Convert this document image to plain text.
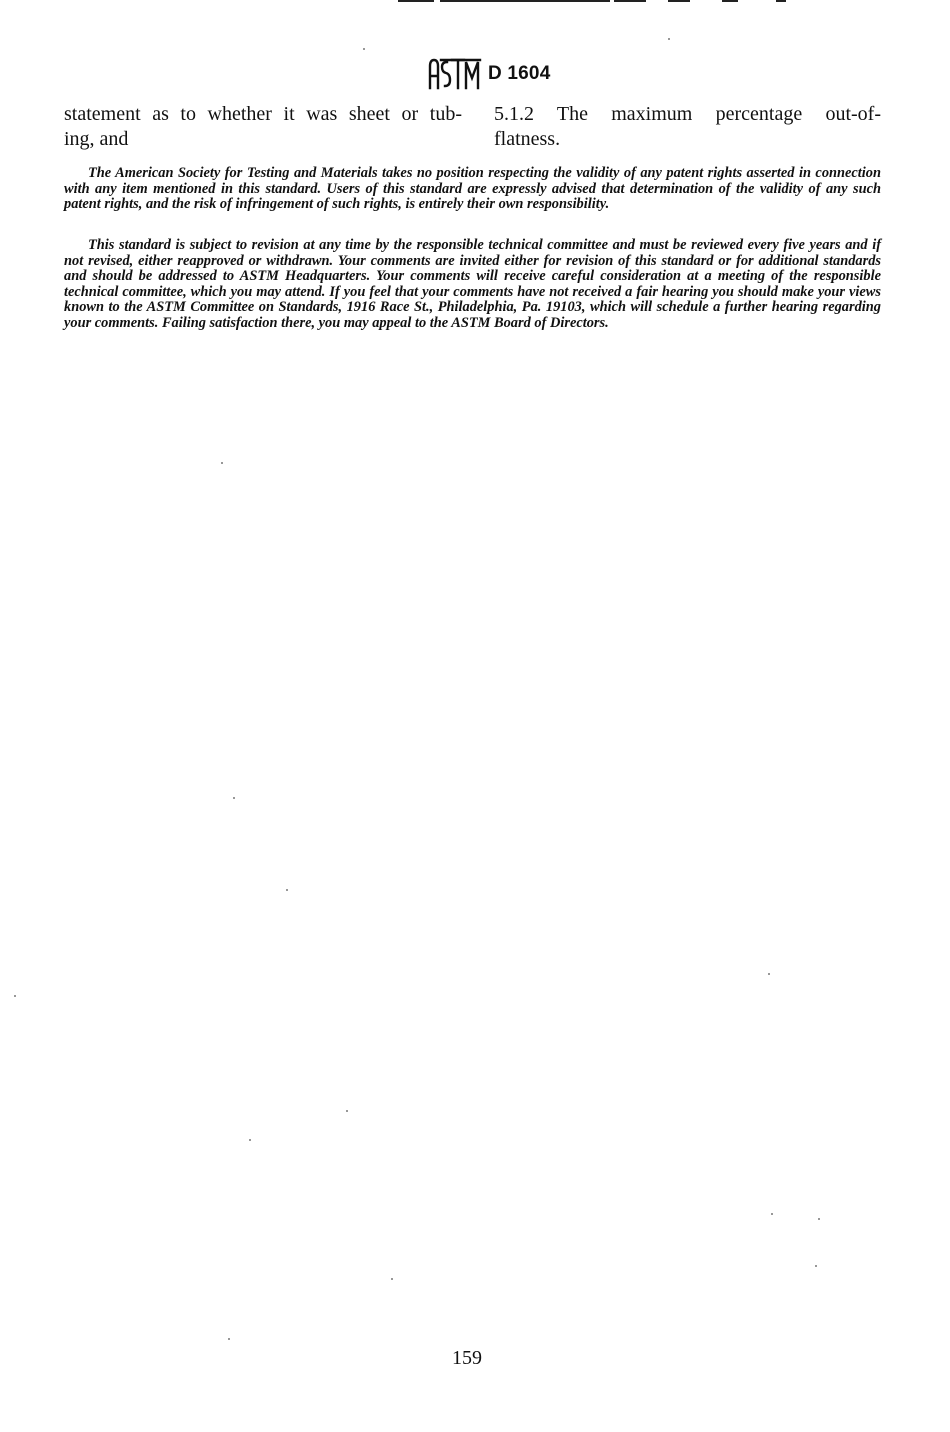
ASTM
D 1604
statement as to whether it was sheet or tub-
ing, and
5.1.2 The maximum percentage out-of-
flatness.

The American Society for Testing and Materials takes no position respecting the validity of any patent rights asserted in connection with any item mentioned in this standard. Users of this standard are expressly advised that determination of the validity of any such patent rights, and the risk of infringement of such rights, is entirely their own responsibility.

This standard is subject to revision at any time by the responsible technical committee and must be reviewed every five years and if not revised, either reapproved or withdrawn. Your comments are invited either for revision of this standard or for additional standards and should be addressed to ASTM Headquarters. Your comments will receive careful consideration at a meeting of the responsible technical committee, which you may attend. If you feel that your comments have not received a fair hearing you should make your views known to the ASTM Committee on Standards, 1916 Race St., Philadelphia, Pa. 19103, which will schedule a further hearing regarding your comments. Failing satisfaction there, you may appeal to the ASTM Board of Directors.

159
